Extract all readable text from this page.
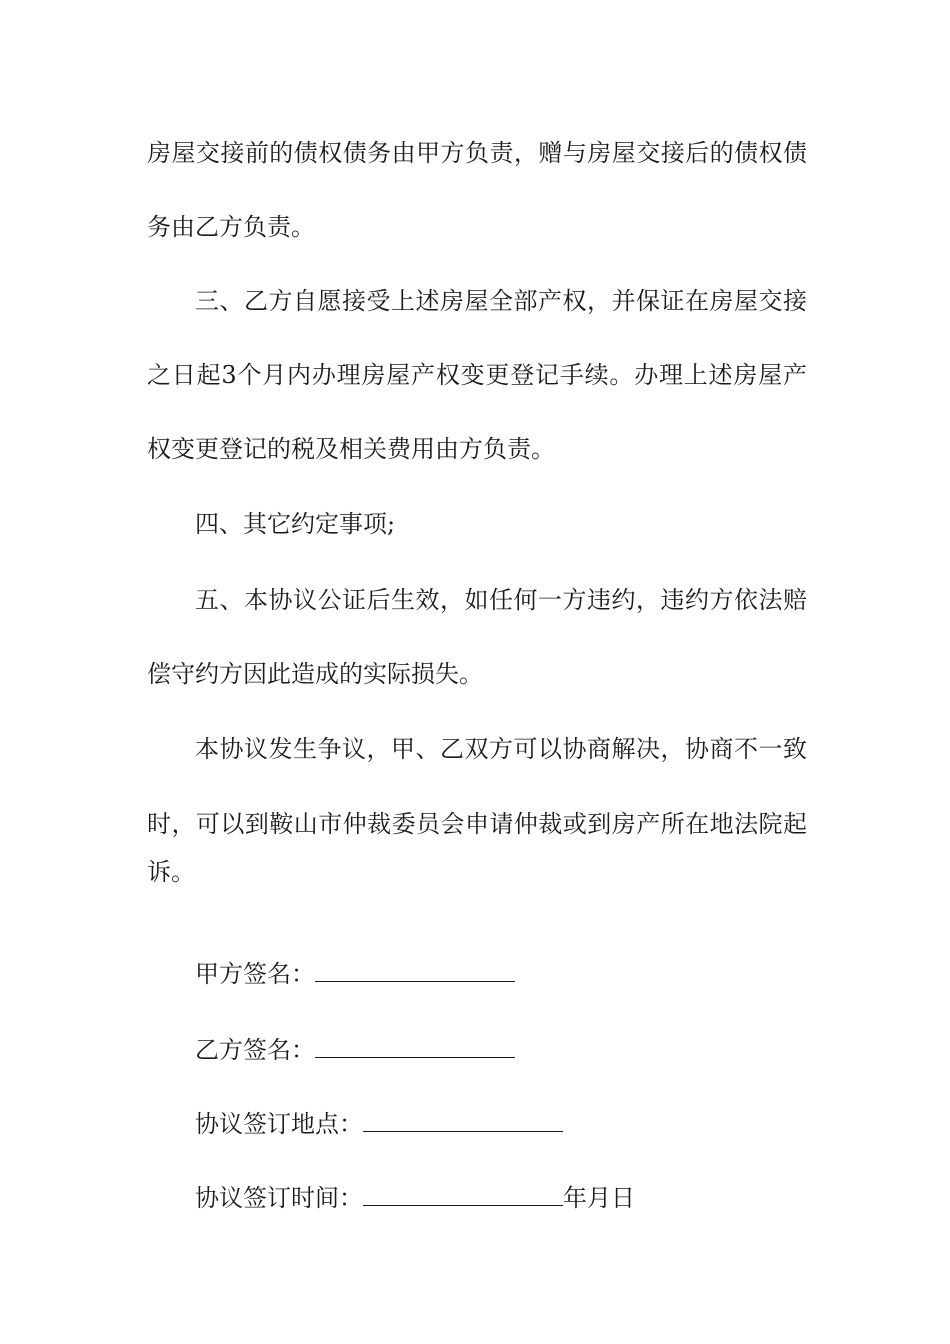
房屋交接前的债权债务由甲方负责，赠与房屋交接后的债权债
务由乙方负责。
三、乙方自愿接受上述房屋全部产权，并保证在房屋交接
之日起3个月内办理房屋产权变更登记手续。办理上述房屋产
权变更登记的税及相关费用由方负责。
四、其它约定事项;
五、本协议公证后生效，如任何一方违约，违约方依法赔
偿守约方因此造成的实际损失。
本协议发生争议，甲、乙双方可以协商解决，协商不一致
时，可以到鞍山市仲裁委员会申请仲裁或到房产所在地法院起
诉。
甲方签名：
乙方签名：
协议签订地点：
协议签订时间：	年月日
